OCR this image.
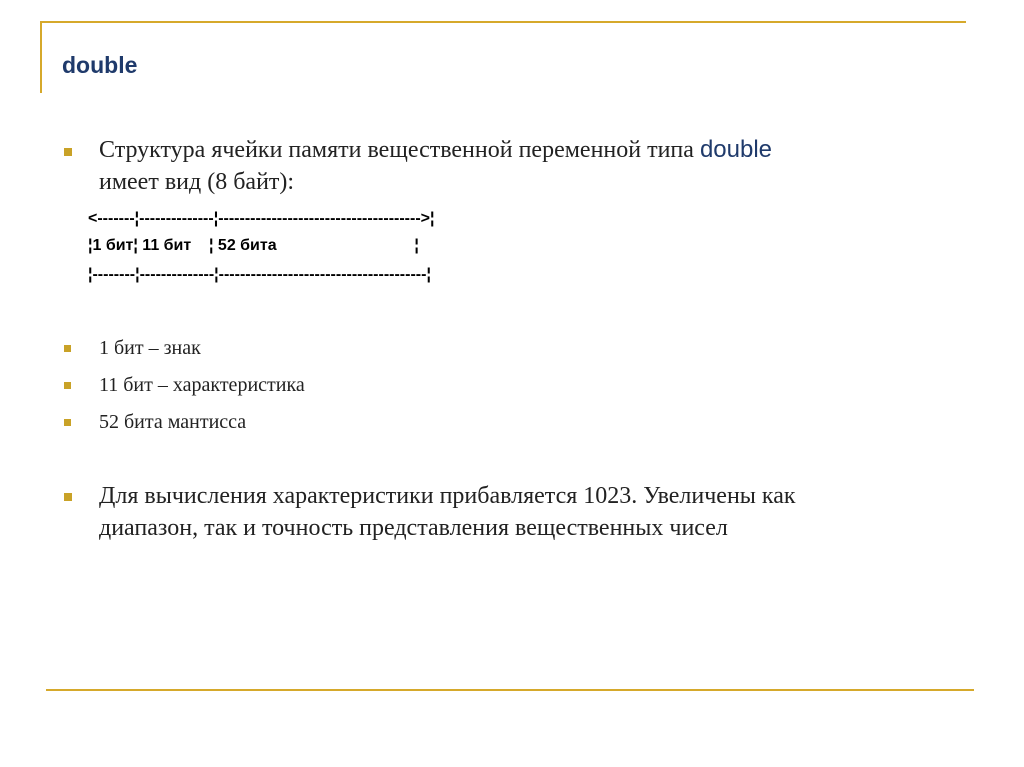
double
Структура ячейки памяти вещественной переменной типа double
имеет вид (8 байт):
<-------¦--------------¦-------------------------------------->¦
¦1 бит¦ 11 бит    ¦ 52 бита                               ¦
¦--------¦--------------¦---------------------------------------¦
1 бит – знак
11 бит – характеристика
52 бита мантисса
Для вычисления характеристики прибавляется 1023. Увеличены как
диапазон, так и точность представления вещественных чисел
